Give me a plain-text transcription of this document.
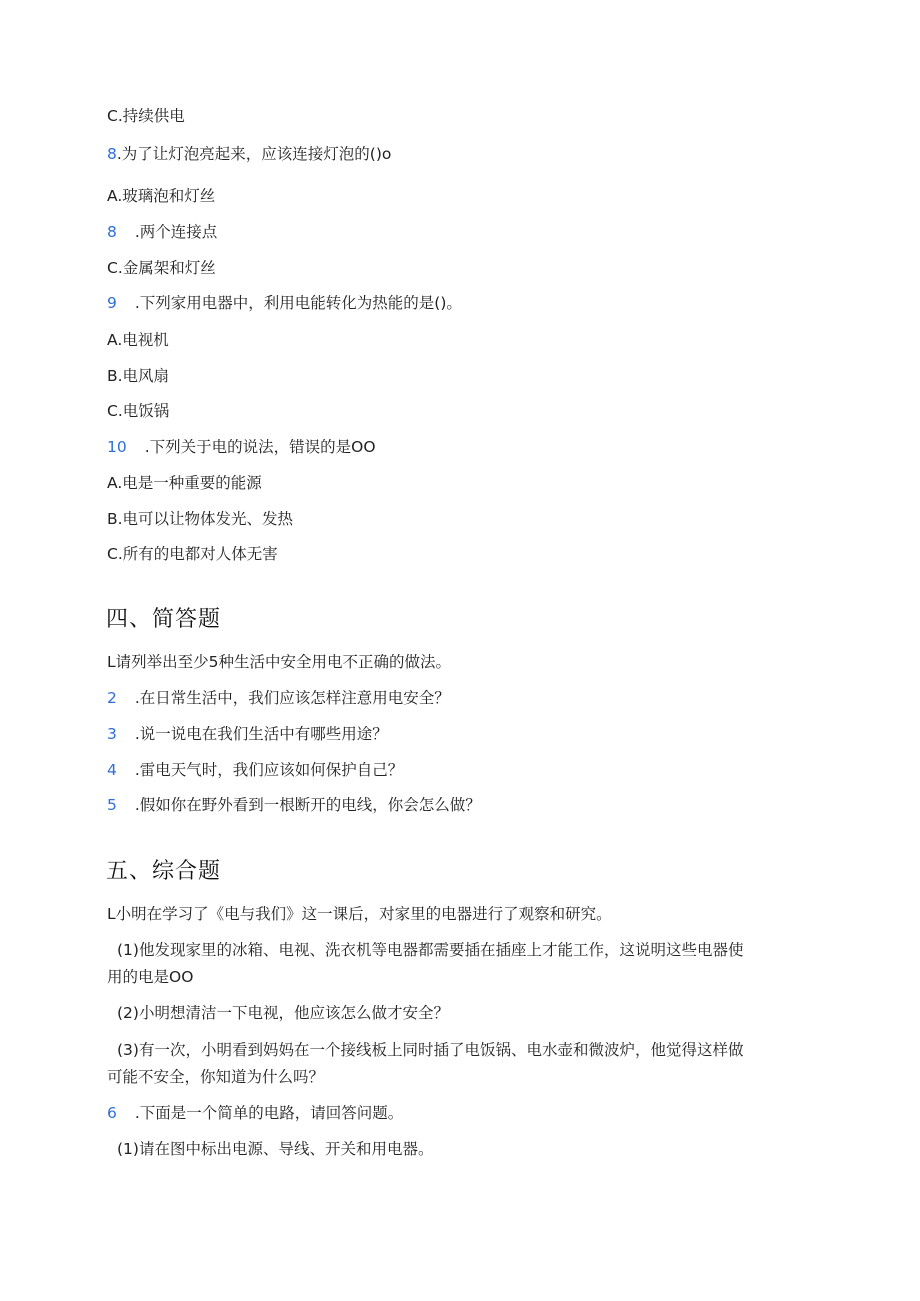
C.持续供电
8.为了让灯泡亮起来，应该连接灯泡的()o
A.玻璃泡和灯丝
8 .两个连接点
C.金属架和灯丝
9 .下列家用电器中，利用电能转化为热能的是()。
A.电视机
B.电风扇
C.电饭锅
10 .下列关于电的说法，错误的是OO
A.电是一种重要的能源
B.电可以让物体发光、发热
C.所有的电都对人体无害
四、简答题
L请列举出至少5种生活中安全用电不正确的做法。
2 .在日常生活中，我们应该怎样注意用电安全？
3 .说一说电在我们生活中有哪些用途？
4 .雷电天气时，我们应该如何保护自己？
5 .假如你在野外看到一根断开的电线，你会怎么做？
五、综合题
L小明在学习了《电与我们》这一课后，对家里的电器进行了观察和研究。
(1)他发现家里的冰箱、电视、洗衣机等电器都需要插在插座上才能工作，这说明这些电器使
用的电是OO
(2)小明想清洁一下电视，他应该怎么做才安全？
(3)有一次，小明看到妈妈在一个接线板上同时插了电饭锅、电水壶和微波炉，他觉得这样做
可能不安全，你知道为什么吗？
6 .下面是一个简单的电路，请回答问题。
(1)请在图中标出电源、导线、开关和用电器。
